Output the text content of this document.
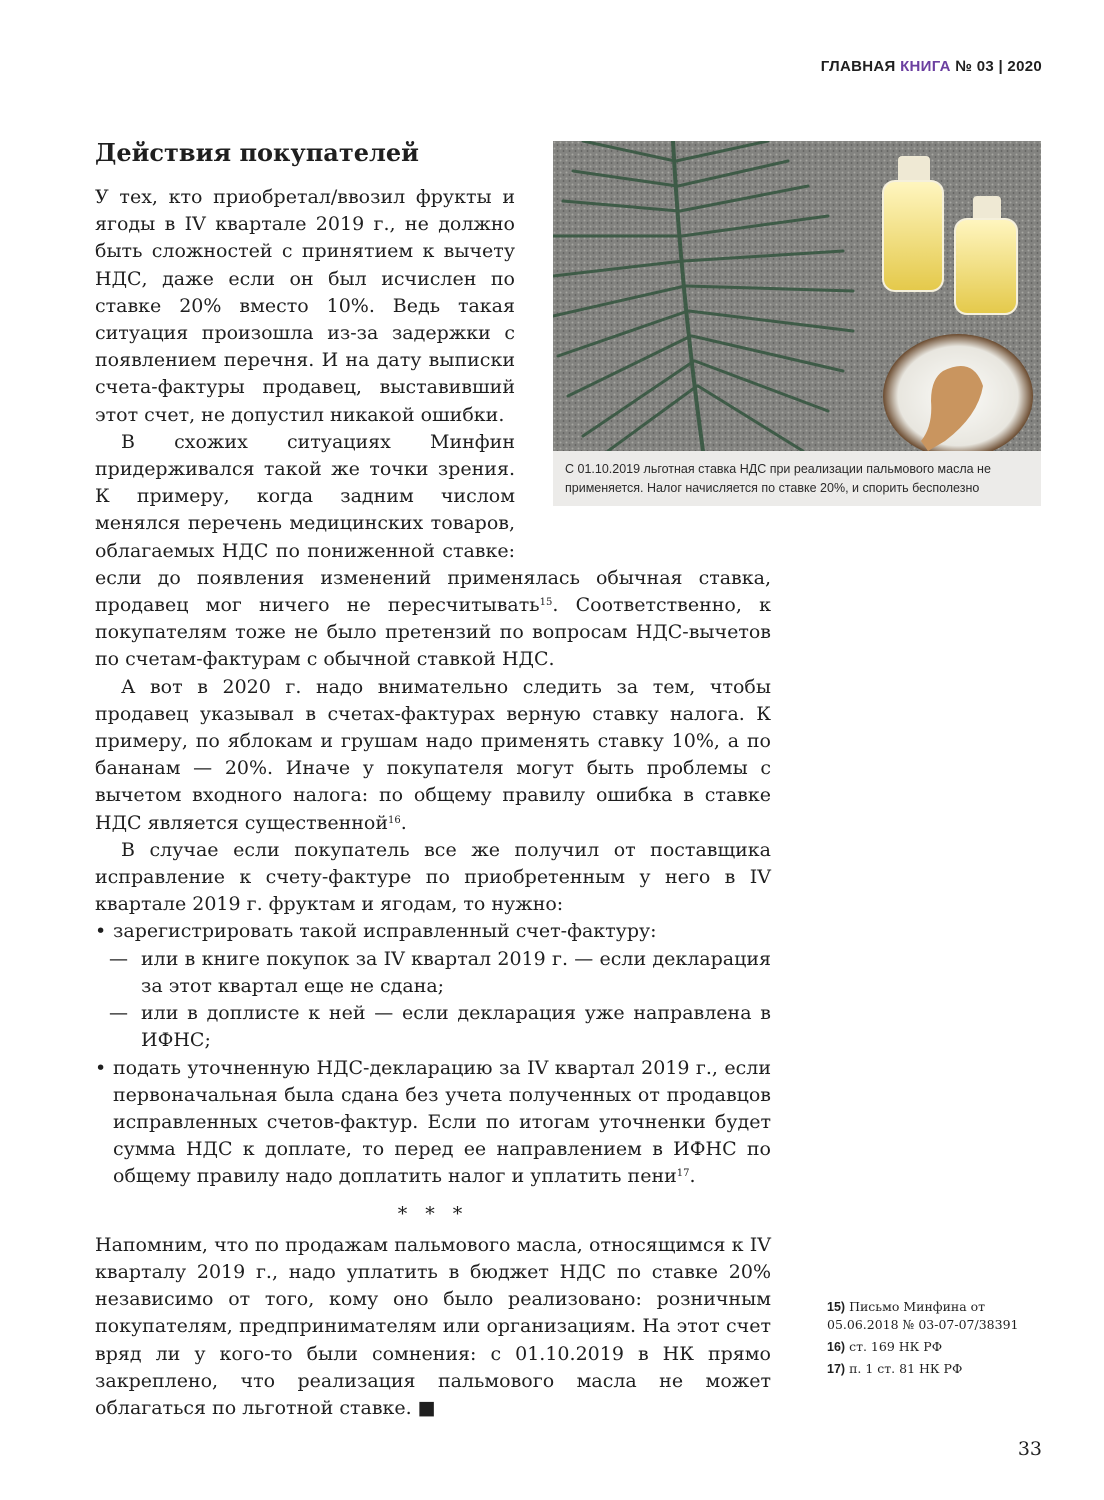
ГЛАВНАЯ КНИГА № 03 | 2020
Действия покупателей

У тех, кто приобретал/ввозил фрукты и ягоды в IV квартале 2019 г., не должно быть сложностей с принятием к вычету НДС, даже если он был исчислен по ставке 20% вместо 10%. Ведь такая ситуация произошла из-за задержки с появлением перечня. И на дату выписки счета-фактуры продавец, выставивший этот счет, не допустил никакой ошибки.

В схожих ситуациях Минфин придерживался такой же точки зрения. К примеру, когда задним числом менялся перечень медицинских товаров, облагаемых НДС по пониженной ставке: если до появления изменений применялась обычная ставка, продавец мог ничего не пересчитывать$^{15}$. Соответственно, к покупателям тоже не было претензий по вопросам НДС-вычетов по счетам-фактурам с обычной ставкой НДС.

А вот в 2020 г. надо внимательно следить за тем, чтобы продавец указывал в счетах-фактурах верную ставку налога. К примеру, по яблокам и грушам надо применять ставку 10%, а по бананам — 20%. Иначе у покупателя могут быть проблемы с вычетом входного налога: по общему правилу ошибка в ставке НДС является существенной$^{16}$.

В случае если покупатель все же получил от поставщика исправление к счету-фактуре по приобретенным у него в IV квартале 2019 г. фруктам и ягодам, то нужно:

• зарегистрировать такой исправленный счет-фактуру:
— или в книге покупок за IV квартал 2019 г. — если декларация за этот квартал еще не сдана;
— или в доплисте к ней — если декларация уже направлена в ИФНС;
• подать уточненную НДС-декларацию за IV квартал 2019 г., если первоначальная была сдана без учета полученных от продавцов исправленных счетов-фактур. Если по итогам уточненки будет сумма НДС к доплате, то перед ее направлением в ИФНС по общему правилу надо доплатить налог и уплатить пени$^{17}$.
* * *

Напомним, что по продажам пальмового масла, относящимся к IV кварталу 2019 г., надо уплатить в бюджет НДС по ставке 20% независимо от того, кому оно было реализовано: розничным покупателям, предпринимателям или организациям. На этот счет вряд ли у кого-то были сомнения: с 01.10.2019 в НК прямо закреплено, что реализация пальмового масла не может облагаться по льготной ставке. ■

С 01.10.2019 льготная ставка НДС при реализации пальмового масла не применяется. Налог начисляется по ставке 20%, и спорить бесполезно
15) Письмо Минфина от 05.06.2018 № 03-07-07/38391
16) ст. 169 НК РФ
17) п. 1 ст. 81 НК РФ
33
